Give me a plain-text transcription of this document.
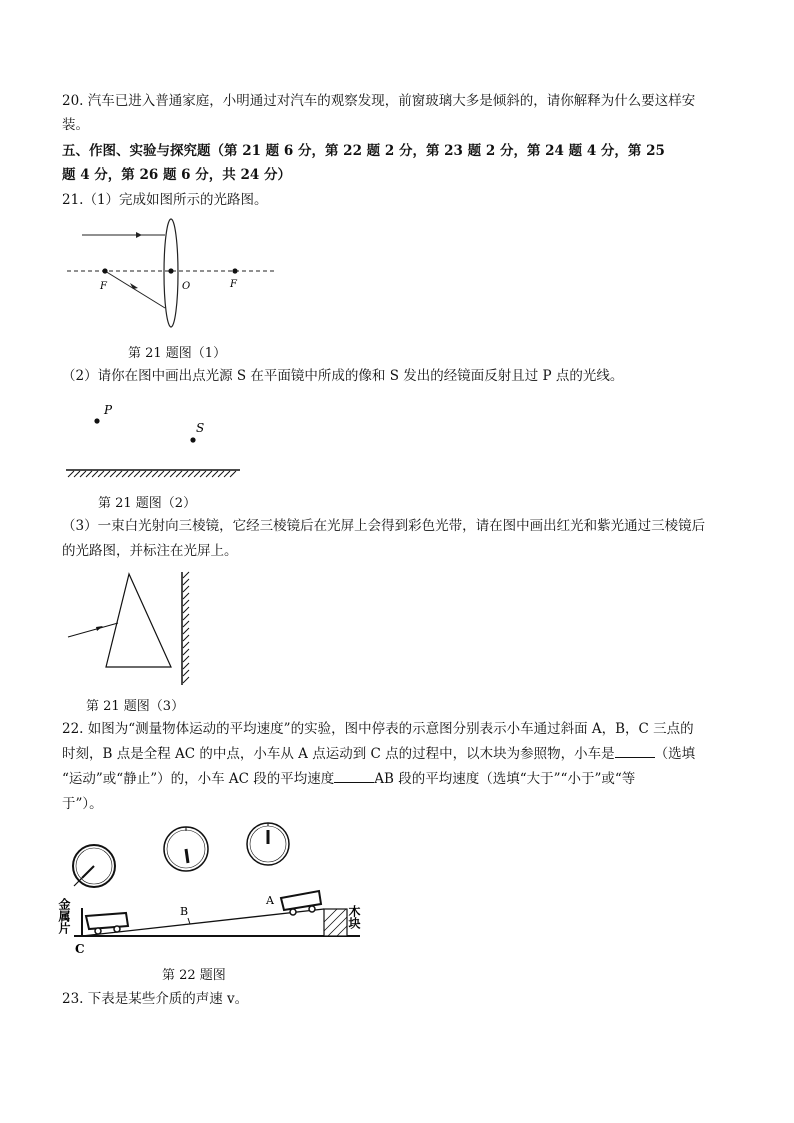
20. 汽车已进入普通家庭，小明通过对汽车的观察发现，前窗玻璃大多是倾斜的，请你解释为什么要这样安
装。
五、作图、实验与探究题（第 21 题 6 分，第 22 题 2 分，第 23 题 2 分，第 24 题 4 分，第 25
题 4 分，第 26 题 6 分，共 24 分）
21.（1）完成如图所示的光路图。
F	O	F
第 21 题图（1）
（2）请你在图中画出点光源 S 在平面镜中所成的像和 S 发出的经镜面反射且过 P 点的光线。
P
S
第 21 题图（2）
（3）一束白光射向三棱镜，它经三棱镜后在光屏上会得到彩色光带，请在图中画出红光和紫光通过三棱镜后
的光路图，并标注在光屏上。
第 21 题图（3）
22. 如图为“测量物体运动的平均速度”的实验，图中停表的示意图分别表示小车通过斜面 A，B，C 三点的
时刻，B 点是全程 AC 的中点，小车从 A 点运动到 C 点的过程中，以木块为参照物，小车是	（选填
“运动”或“静止”）的，小车 AC 段的平均速度	AB 段的平均速度（选填“大于”“小于”或“等
于”）。
C
B
A
金属片	木块
第 22 题图
23. 下表是某些介质的声速 v。
